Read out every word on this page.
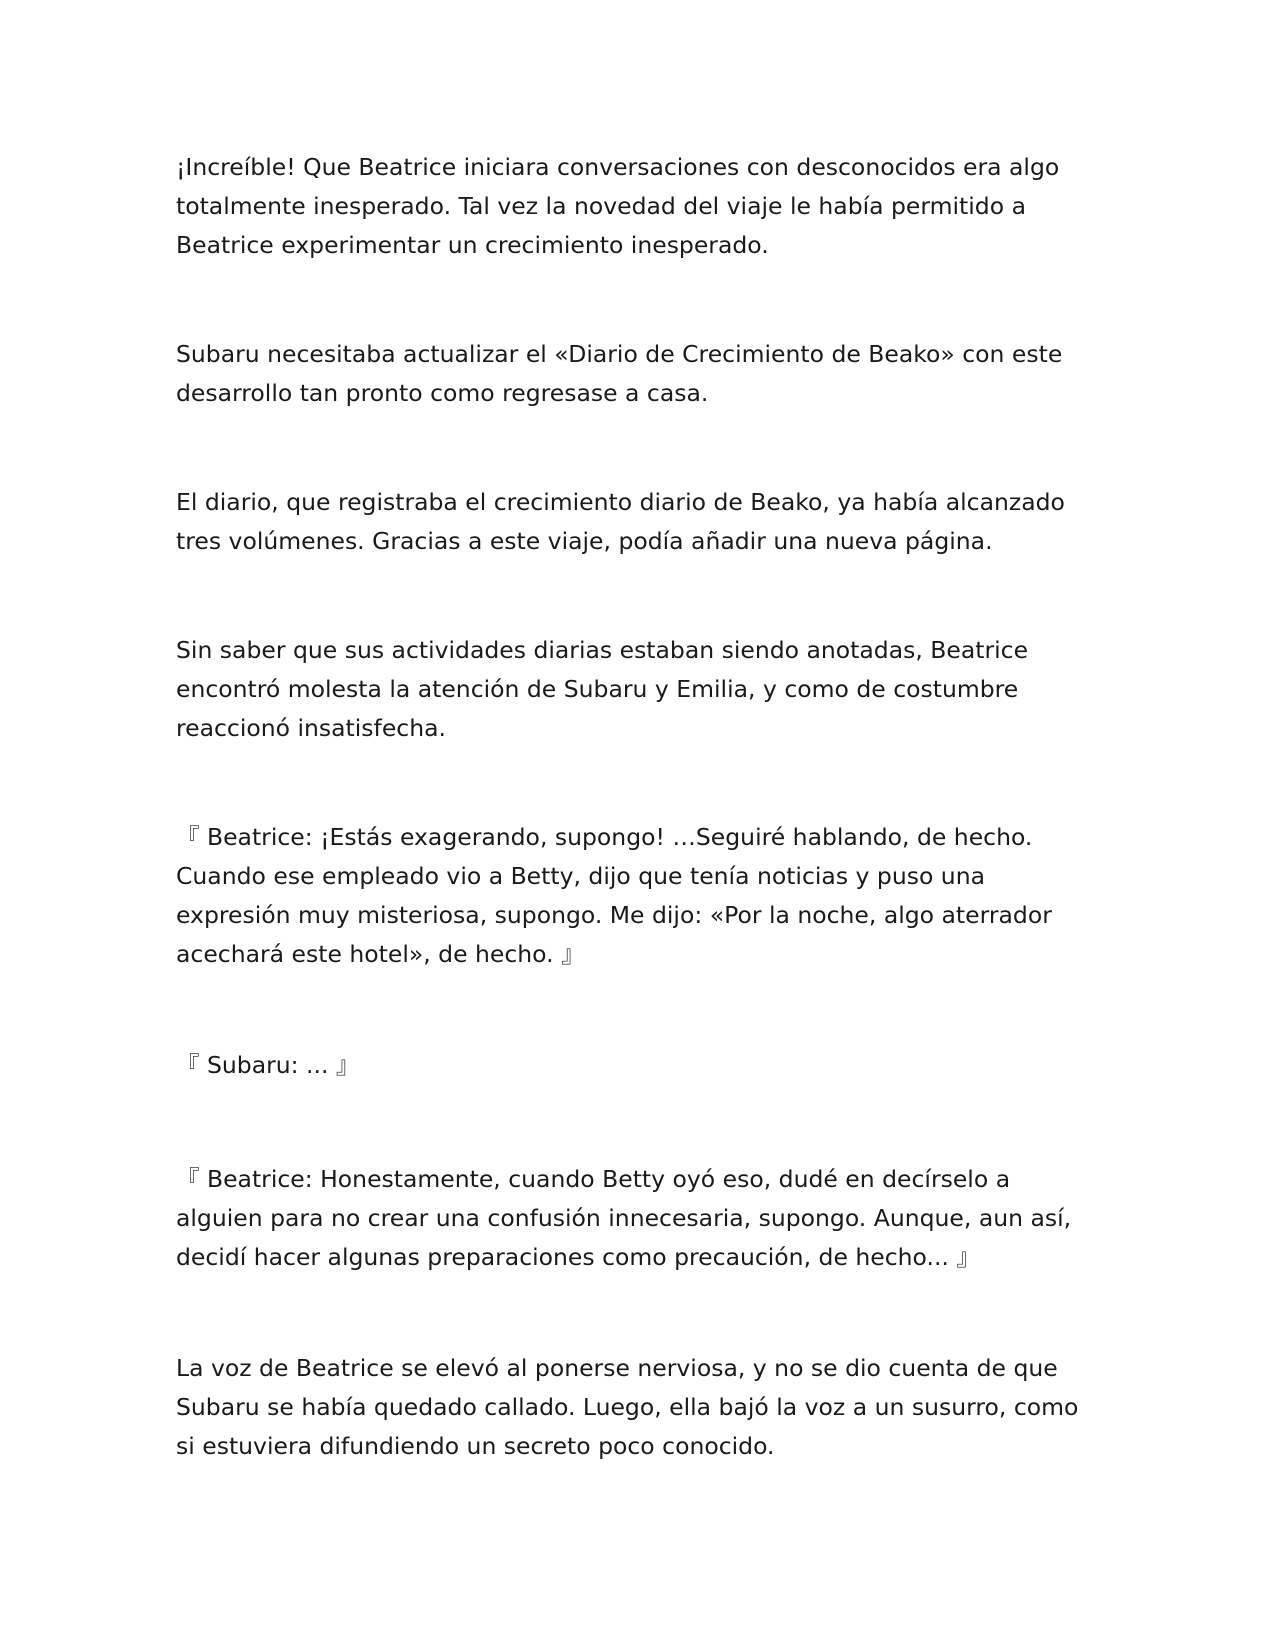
¡Increíble! Que Beatrice iniciara conversaciones con desconocidos era algo
totalmente inesperado. Tal vez la novedad del viaje le había permitido a
Beatrice experimentar un crecimiento inesperado.

Subaru necesitaba actualizar el «Diario de Crecimiento de Beako» con este
desarrollo tan pronto como regresase a casa.

El diario, que registraba el crecimiento diario de Beako, ya había alcanzado
tres volúmenes. Gracias a este viaje, podía añadir una nueva página.

Sin saber que sus actividades diarias estaban siendo anotadas, Beatrice
encontró molesta la atención de Subaru y Emilia, y como de costumbre
reaccionó insatisfecha.

『 Beatrice: ¡Estás exagerando, supongo! …Seguiré hablando, de hecho.
Cuando ese empleado vio a Betty, dijo que tenía noticias y puso una
expresión muy misteriosa, supongo. Me dijo: «Por la noche, algo aterrador
acechará este hotel», de hecho. 』

『 Subaru: ... 』

『 Beatrice: Honestamente, cuando Betty oyó eso, dudé en decírselo a
alguien para no crear una confusión innecesaria, supongo. Aunque, aun así,
decidí hacer algunas preparaciones como precaución, de hecho... 』

La voz de Beatrice se elevó al ponerse nerviosa, y no se dio cuenta de que
Subaru se había quedado callado. Luego, ella bajó la voz a un susurro, como
si estuviera difundiendo un secreto poco conocido.
